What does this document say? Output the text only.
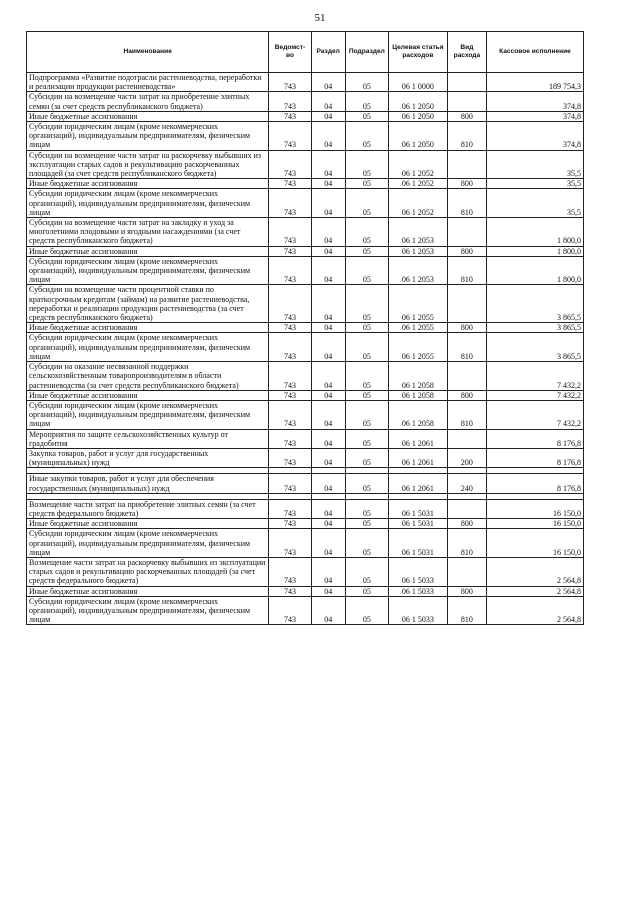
51
Наименование	Ведомст-во	Раздел	Подраздел	Целевая статья расходов	Вид расхода	Кассовое исполнение
Подпрограмма «Развитие подотрасли растениеводства, переработки и реализации продукции растениеводства»	743	04	05	06 1 0000		189 754,3
Субсидии на возмещение части затрат на приобретение элитных семян (за счет средств республиканского бюджета)	743	04	05	06 1 2050		374,8
Иные бюджетные ассигнования	743	04	05	06 1 2050	800	374,8
Субсидии юридическим лицам (кроме некоммерческих организаций), индивидуальным предпринимателям, физическим лицам	743	04	05	06 1 2050	810	374,8
Субсидии на возмещение части затрат на раскорчевку выбывших из эксплуатации старых садов и рекультивацию раскорчеванных площадей (за счет средств республиканского бюджета)	743	04	05	06 1 2052		35,5
Иные бюджетные ассигнования	743	04	05	06 1 2052	800	35,5
Субсидии юридическим лицам (кроме некоммерческих организаций), индивидуальным предпринимателям, физическим лицам	743	04	05	06 1 2052	810	35,5
Субсидии на возмещение части затрат на закладку и уход за многолетними плодовыми и ягодными насаждениями (за счет средств республиканского бюджета)	743	04	05	06 1 2053		1 800,0
Иные бюджетные ассигнования	743	04	05	06 1 2053	800	1 800,0
Субсидии юридическим лицам (кроме некоммерческих организаций), индивидуальным предпринимателям, физическим лицам	743	04	05	06 1 2053	810	1 800,0
Субсидии на возмещение части процентной ставки по краткосрочным кредитам (займам) на развитие растениеводства, переработки и реализации продукции растениеводства (за счет средств республиканского бюджета)	743	04	05	06 1 2055		3 865,5
Иные бюджетные ассигнования	743	04	05	06 1 2055	800	3 865,5
Субсидии юридическим лицам (кроме некоммерческих организаций), индивидуальным предпринимателям, физическим лицам	743	04	05	06 1 2055	810	3 865,5
Субсидии на оказание несвязанной поддержки сельскохозяйственным товаропроизводителям в области растениеводства (за счет средств республиканского бюджета)	743	04	05	06 1 2058		7 432,2
Иные бюджетные ассигнования	743	04	05	06 1 2058	800	7 432,2
Субсидии юридическим лицам (кроме некоммерческих организаций), индивидуальным предпринимателям, физическим лицам	743	04	05	06 1 2058	810	7 432,2
Мероприятия по защите сельскохозяйственных культур от градобития	743	04	05	06 1 2061		8 176,8
Закупка товаров, работ и услуг для государственных (муниципальных) нужд	743	04	05	06 1 2061	200	8 176,8

Иные закупки товаров, работ и услуг для обеспечения государственных (муниципальных) нужд	743	04	05	06 1 2061	240	8 176,8

Возмещение части затрат на приобретение элитных семян (за счет средств федерального бюджета)	743	04	05	06 1 5031		16 150,0
Иные бюджетные ассигнования	743	04	05	06 1 5031	800	16 150,0
Субсидии юридическим лицам (кроме некоммерческих организаций), индивидуальным предпринимателям, физическим лицам	743	04	05	06 1 5031	810	16 150,0
Возмещение части затрат на раскорчевку выбывших из эксплуатации старых садов и рекультивацию раскорчеванных площадей (за счет средств федерального бюджета)	743	04	05	06 1 5033		2 564,8
Иные бюджетные ассигнования	743	04	05	06 1 5033	800	2 564,8
Субсидии юридическим лицам (кроме некоммерческих организаций), индивидуальным предпринимателям, физическим лицам	743	04	05	06 1 5033	810	2 564,8
